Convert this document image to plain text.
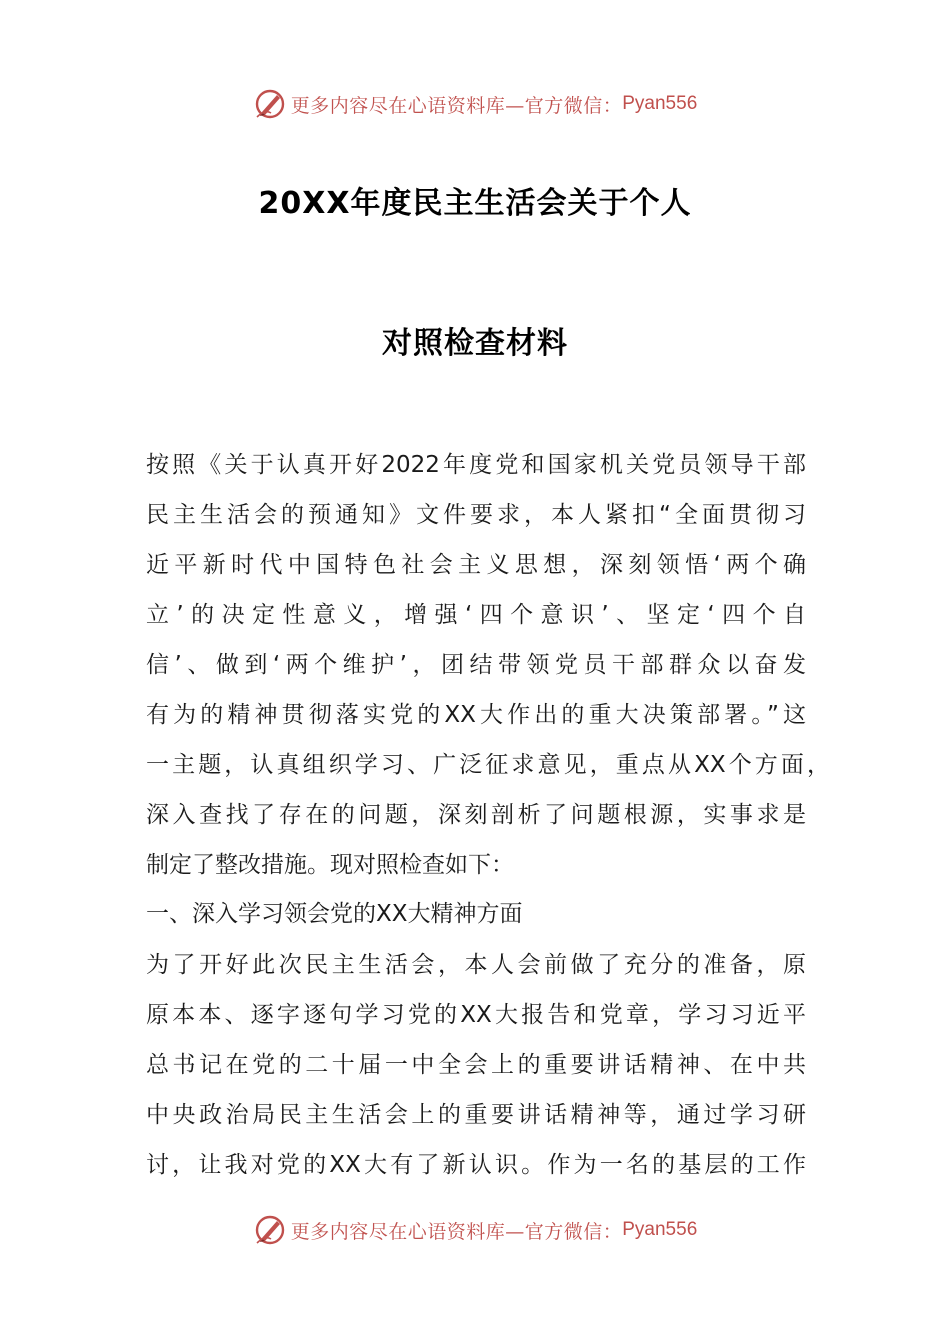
更多内容尽在心语资料库—官方微信： Pyan556
20XX年度民主生活会关于个人
对照检查材料
按照《关于认真开好2022年度党和国家机关党员领导干部
民主生活会的预通知》文件要求，本人紧扣“全面贯彻习
近平新时代中国特色社会主义思想，深刻领悟‘两个确
立’的决定性意义，增强‘四个意识’、坚定‘四个自
信’、做到‘两个维护’，团结带领党员干部群众以奋发
有为的精神贯彻落实党的XX大作出的重大决策部署。”这
一主题，认真组织学习、广泛征求意见，重点从XX个方面，
深入查找了存在的问题，深刻剖析了问题根源，实事求是
制定了整改措施。现对照检查如下：
一、深入学习领会党的XX大精神方面
为了开好此次民主生活会，本人会前做了充分的准备，原
原本本、逐字逐句学习党的XX大报告和党章，学习习近平
总书记在党的二十届一中全会上的重要讲话精神、在中共
中央政治局民主生活会上的重要讲话精神等，通过学习研
讨，让我对党的XX大有了新认识。作为一名的基层的工作
更多内容尽在心语资料库—官方微信： Pyan556
